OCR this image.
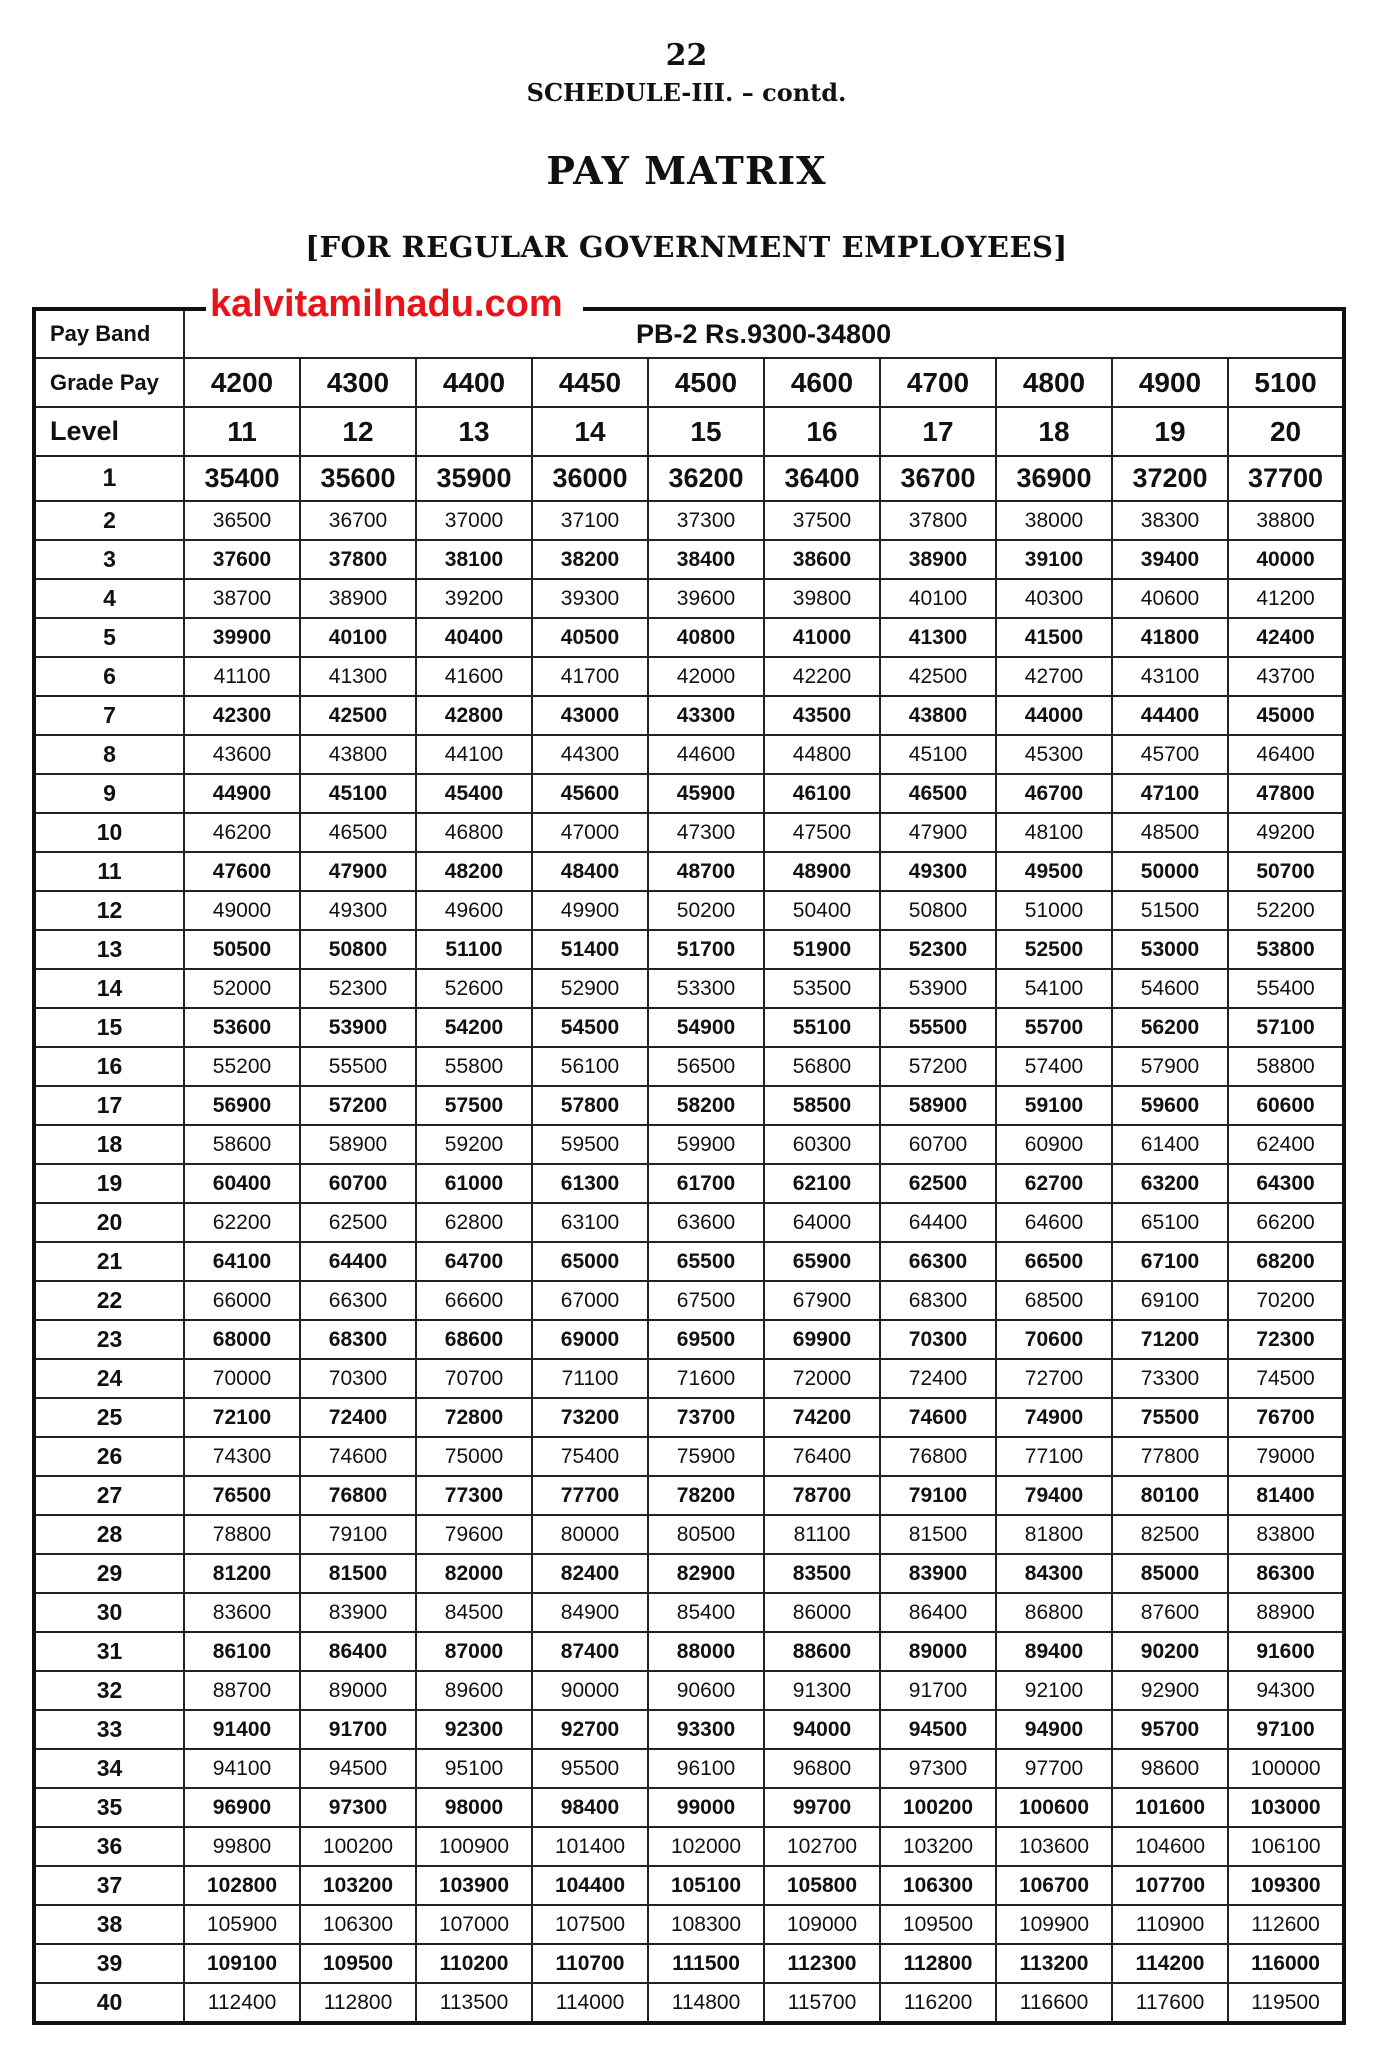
22
SCHEDULE-III. – contd.
PAY MATRIX
[FOR REGULAR GOVERNMENT EMPLOYEES]
kalvitamilnadu.com
Pay Band	PB-2 Rs.9300-34800									
Grade Pay	4200	4300	4400	4450	4500	4600	4700	4800	4900	5100
Level	11	12	13	14	15	16	17	18	19	20
1	35400	35600	35900	36000	36200	36400	36700	36900	37200	37700
2	36500	36700	37000	37100	37300	37500	37800	38000	38300	38800
3	37600	37800	38100	38200	38400	38600	38900	39100	39400	40000
4	38700	38900	39200	39300	39600	39800	40100	40300	40600	41200
5	39900	40100	40400	40500	40800	41000	41300	41500	41800	42400
6	41100	41300	41600	41700	42000	42200	42500	42700	43100	43700
7	42300	42500	42800	43000	43300	43500	43800	44000	44400	45000
8	43600	43800	44100	44300	44600	44800	45100	45300	45700	46400
9	44900	45100	45400	45600	45900	46100	46500	46700	47100	47800
10	46200	46500	46800	47000	47300	47500	47900	48100	48500	49200
11	47600	47900	48200	48400	48700	48900	49300	49500	50000	50700
12	49000	49300	49600	49900	50200	50400	50800	51000	51500	52200
13	50500	50800	51100	51400	51700	51900	52300	52500	53000	53800
14	52000	52300	52600	52900	53300	53500	53900	54100	54600	55400
15	53600	53900	54200	54500	54900	55100	55500	55700	56200	57100
16	55200	55500	55800	56100	56500	56800	57200	57400	57900	58800
17	56900	57200	57500	57800	58200	58500	58900	59100	59600	60600
18	58600	58900	59200	59500	59900	60300	60700	60900	61400	62400
19	60400	60700	61000	61300	61700	62100	62500	62700	63200	64300
20	62200	62500	62800	63100	63600	64000	64400	64600	65100	66200
21	64100	64400	64700	65000	65500	65900	66300	66500	67100	68200
22	66000	66300	66600	67000	67500	67900	68300	68500	69100	70200
23	68000	68300	68600	69000	69500	69900	70300	70600	71200	72300
24	70000	70300	70700	71100	71600	72000	72400	72700	73300	74500
25	72100	72400	72800	73200	73700	74200	74600	74900	75500	76700
26	74300	74600	75000	75400	75900	76400	76800	77100	77800	79000
27	76500	76800	77300	77700	78200	78700	79100	79400	80100	81400
28	78800	79100	79600	80000	80500	81100	81500	81800	82500	83800
29	81200	81500	82000	82400	82900	83500	83900	84300	85000	86300
30	83600	83900	84500	84900	85400	86000	86400	86800	87600	88900
31	86100	86400	87000	87400	88000	88600	89000	89400	90200	91600
32	88700	89000	89600	90000	90600	91300	91700	92100	92900	94300
33	91400	91700	92300	92700	93300	94000	94500	94900	95700	97100
34	94100	94500	95100	95500	96100	96800	97300	97700	98600	100000
35	96900	97300	98000	98400	99000	99700	100200	100600	101600	103000
36	99800	100200	100900	101400	102000	102700	103200	103600	104600	106100
37	102800	103200	103900	104400	105100	105800	106300	106700	107700	109300
38	105900	106300	107000	107500	108300	109000	109500	109900	110900	112600
39	109100	109500	110200	110700	111500	112300	112800	113200	114200	116000
40	112400	112800	113500	114000	114800	115700	116200	116600	117600	119500
